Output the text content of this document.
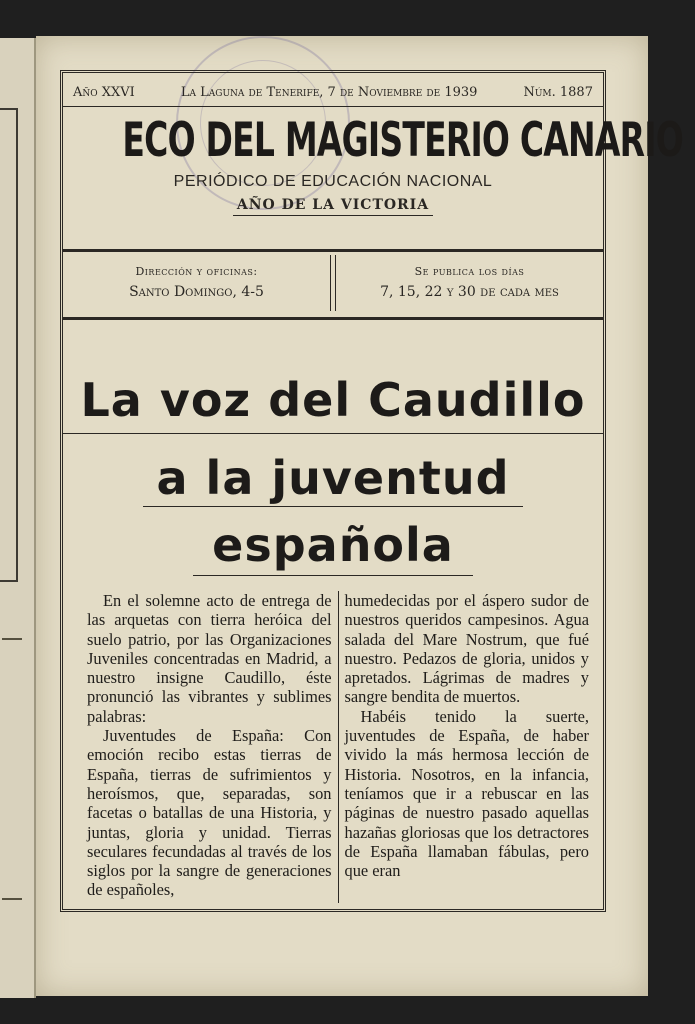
Año XXVI	La Laguna de Tenerife, 7 de Noviembre de 1939	Núm. 1887
ECO DEL MAGISTERIO CANARIO
PERIÓDICO DE EDUCACIÓN NACIONAL
AÑO DE LA VICTORIA
Dirección y oficinas:
Santo Domingo, 4-5
Se publica los días
7, 15, 22 y 30 de cada mes
La voz del Caudillo
a la juventud
española

En el solemne acto de entrega de las arquetas con tierra heróica del suelo patrio, por las Organizaciones Juveniles concentradas en Madrid, a nuestro insigne Caudillo, éste pronunció las vibrantes y sublimes palabras:

Juventudes de España: Con emoción recibo estas tierras de España, tierras de sufrimientos y heroísmos, que, separadas, son facetas o batallas de una Historia, y juntas, gloria y unidad. Tierras seculares fecundadas al través de los siglos por la sangre de generaciones de españoles,

humedecidas por el áspero sudor de nuestros queridos campesinos. Agua salada del Mare Nostrum, que fué nuestro. Pedazos de gloria, unidos y apretados. Lágrimas de madres y sangre bendita de muertos.

Habéis tenido la suerte, juventudes de España, de haber vivido la más hermosa lección de Historia. Nosotros, en la infancia, teníamos que ir a rebuscar en las páginas de nuestro pasado aquellas hazañas gloriosas que los detractores de España llamaban fábulas, pero que eran
